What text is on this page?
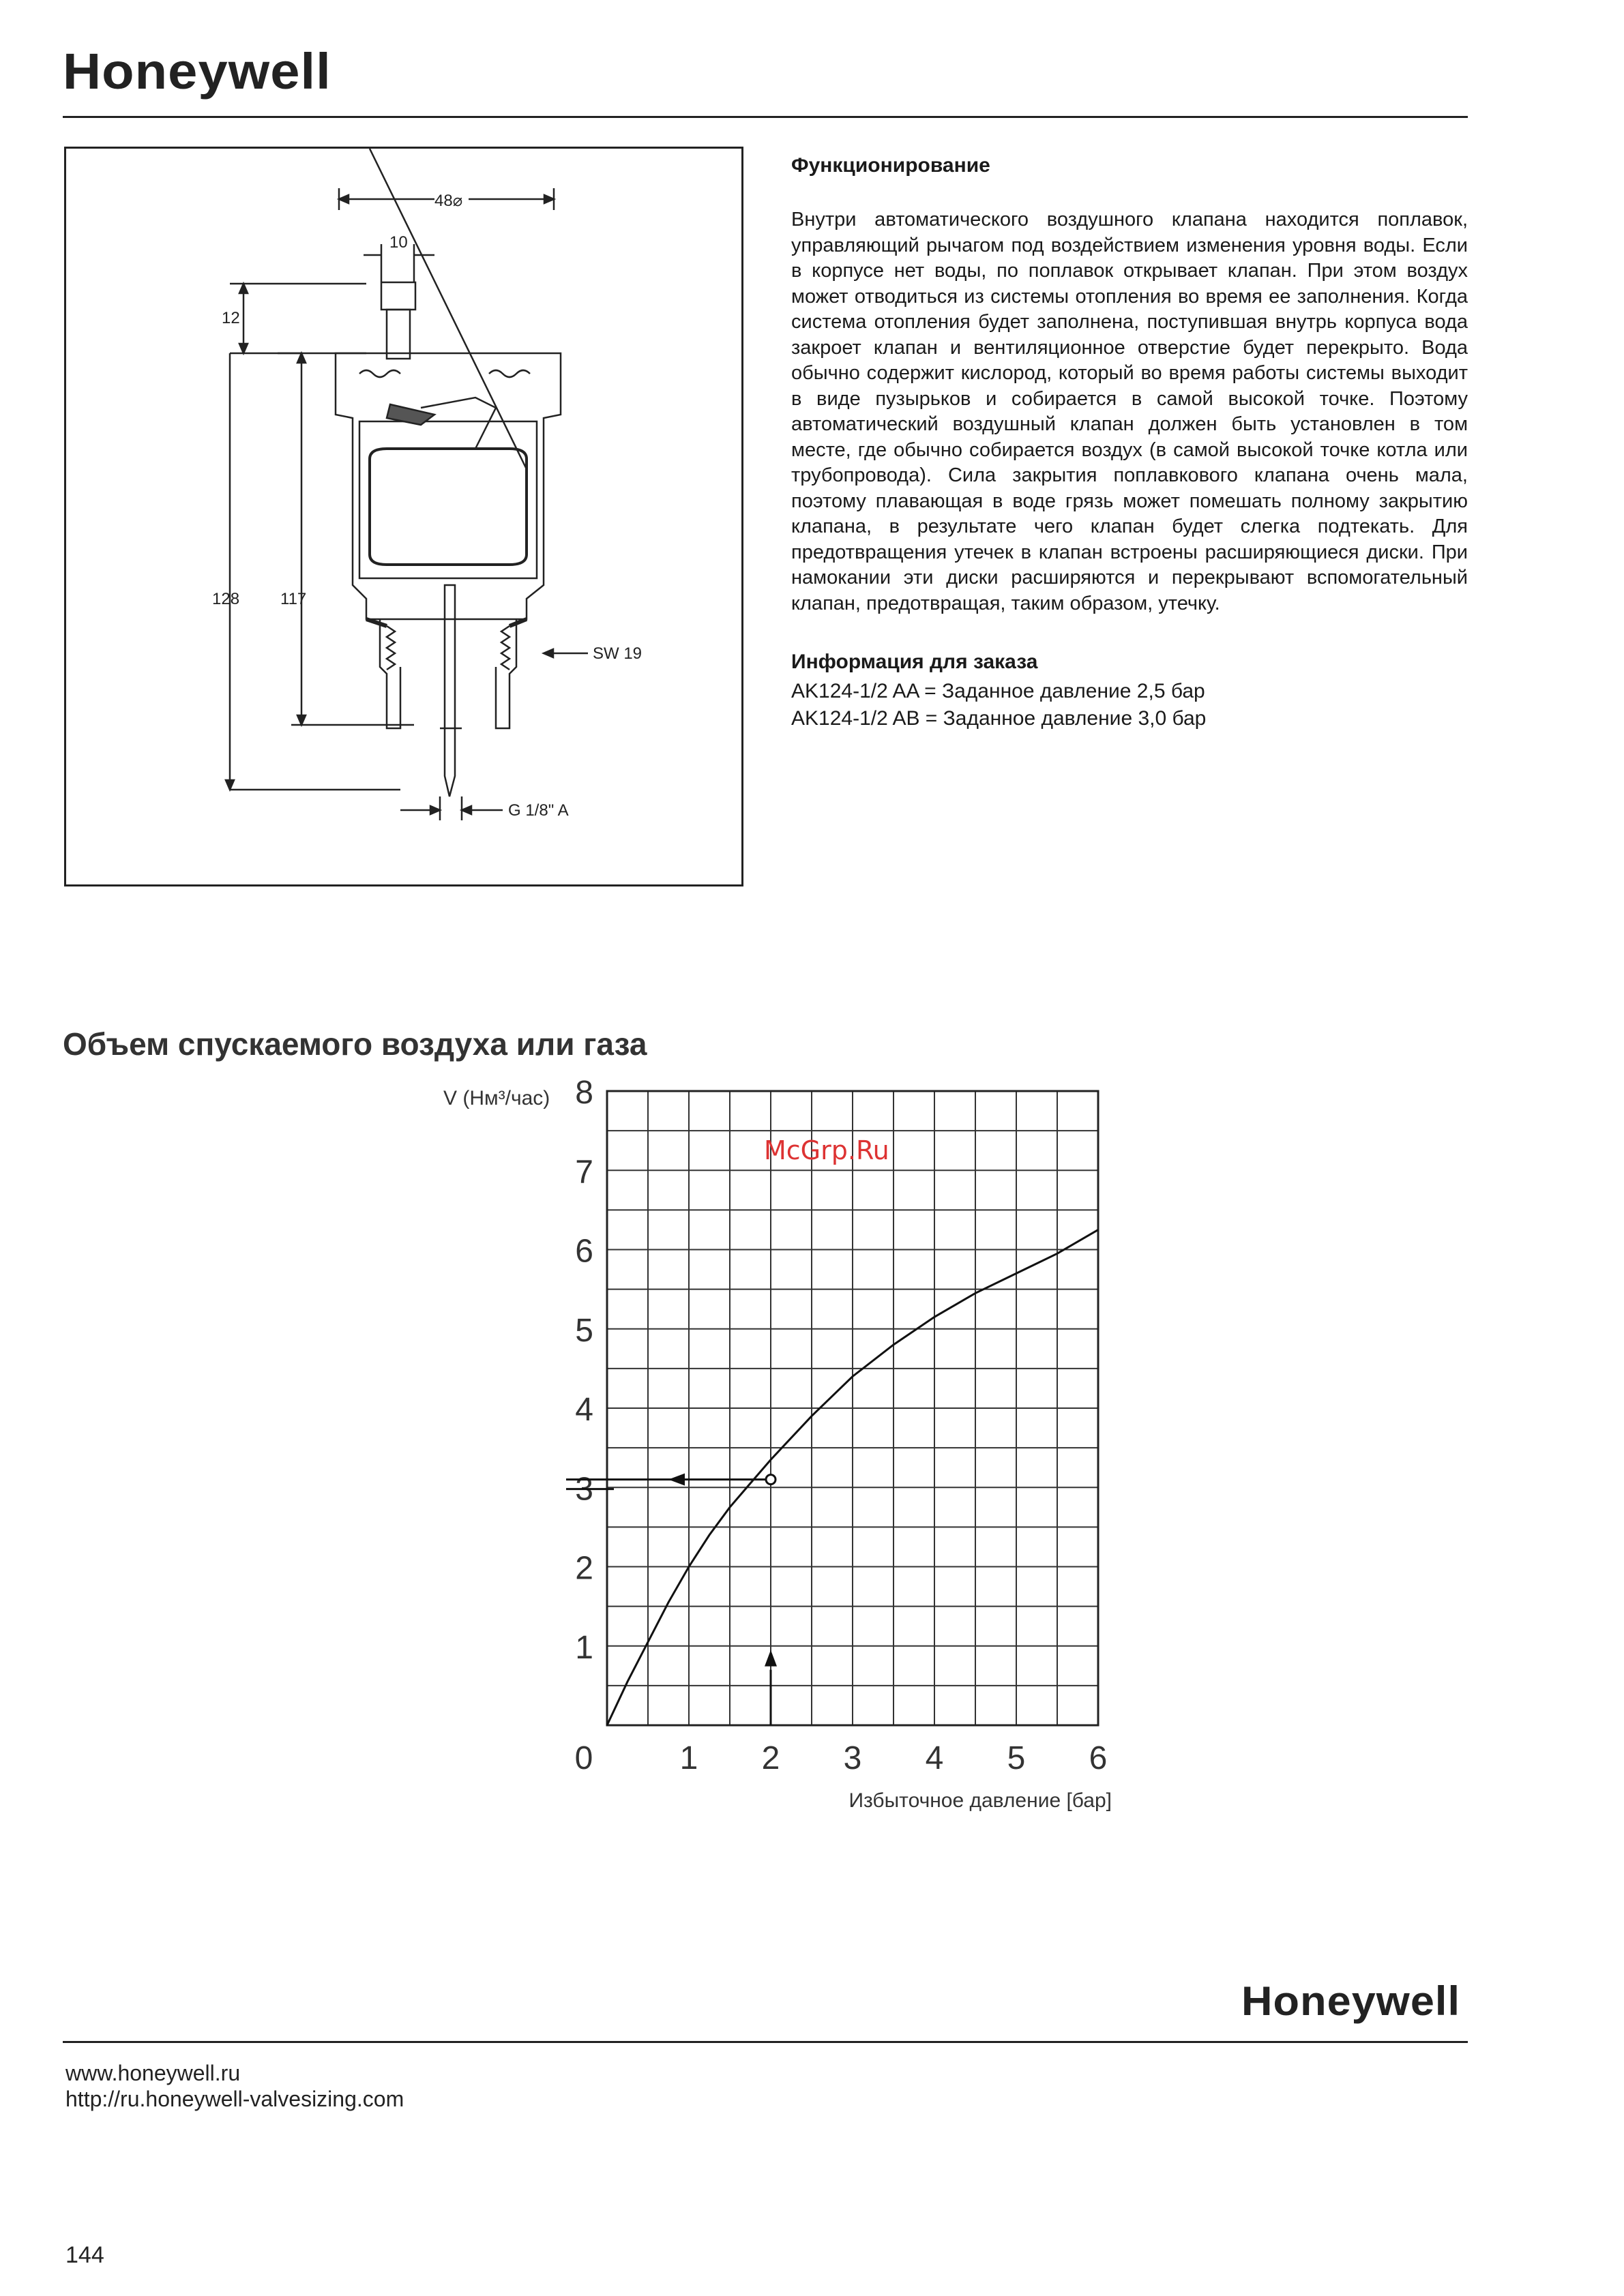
Honeywell
48⌀
10
12
128 117
SW 19
G 1/8" A
Функционирование

Внутри автоматического воздушного клапана находится поплавок, управляющий рычагом под воздействием изменения уровня воды. Если в корпусе нет воды, по поплавок открывает клапан. При этом воздух может отводиться из системы отопления во время ее заполнения. Когда система отопления будет заполнена, поступившая внутрь корпуса вода закроет клапан и вентиляционное отверстие будет перекрыто. Вода обычно содержит кислород, который во время работы системы выходит в виде пузырьков и собирается в самой высокой точке. Поэтому автоматический воздушный клапан должен быть установлен в том месте, где обычно собирается воздух (в самой высокой точке котла или трубопровода). Сила закрытия поплавкового клапана очень мала, поэтому плавающая в воде грязь может помешать полному закрытию клапана, в результате чего клапан будет слегка подтекать. Для предотвращения утечек в клапан встроены расширяющиеся диски. При намокании эти диски расширяются и перекрывают вспомогательный клапан, предотвращая, таким образом, утечку.

Информация для заказа
AK124-1/2 AA = Заданное давление 2,5 бар
AK124-1/2 AB = Заданное давление 3,0 бар
Объем спускаемого воздуха или газа
V (Нм³/час)
1
2
3
4
5
6
7
8
0	1 2 3 4 5 6
Избыточное давление [бар]
McGrp.Ru
Honeywell
www.honeywell.ru
http://ru.honeywell-valvesizing.com
144
